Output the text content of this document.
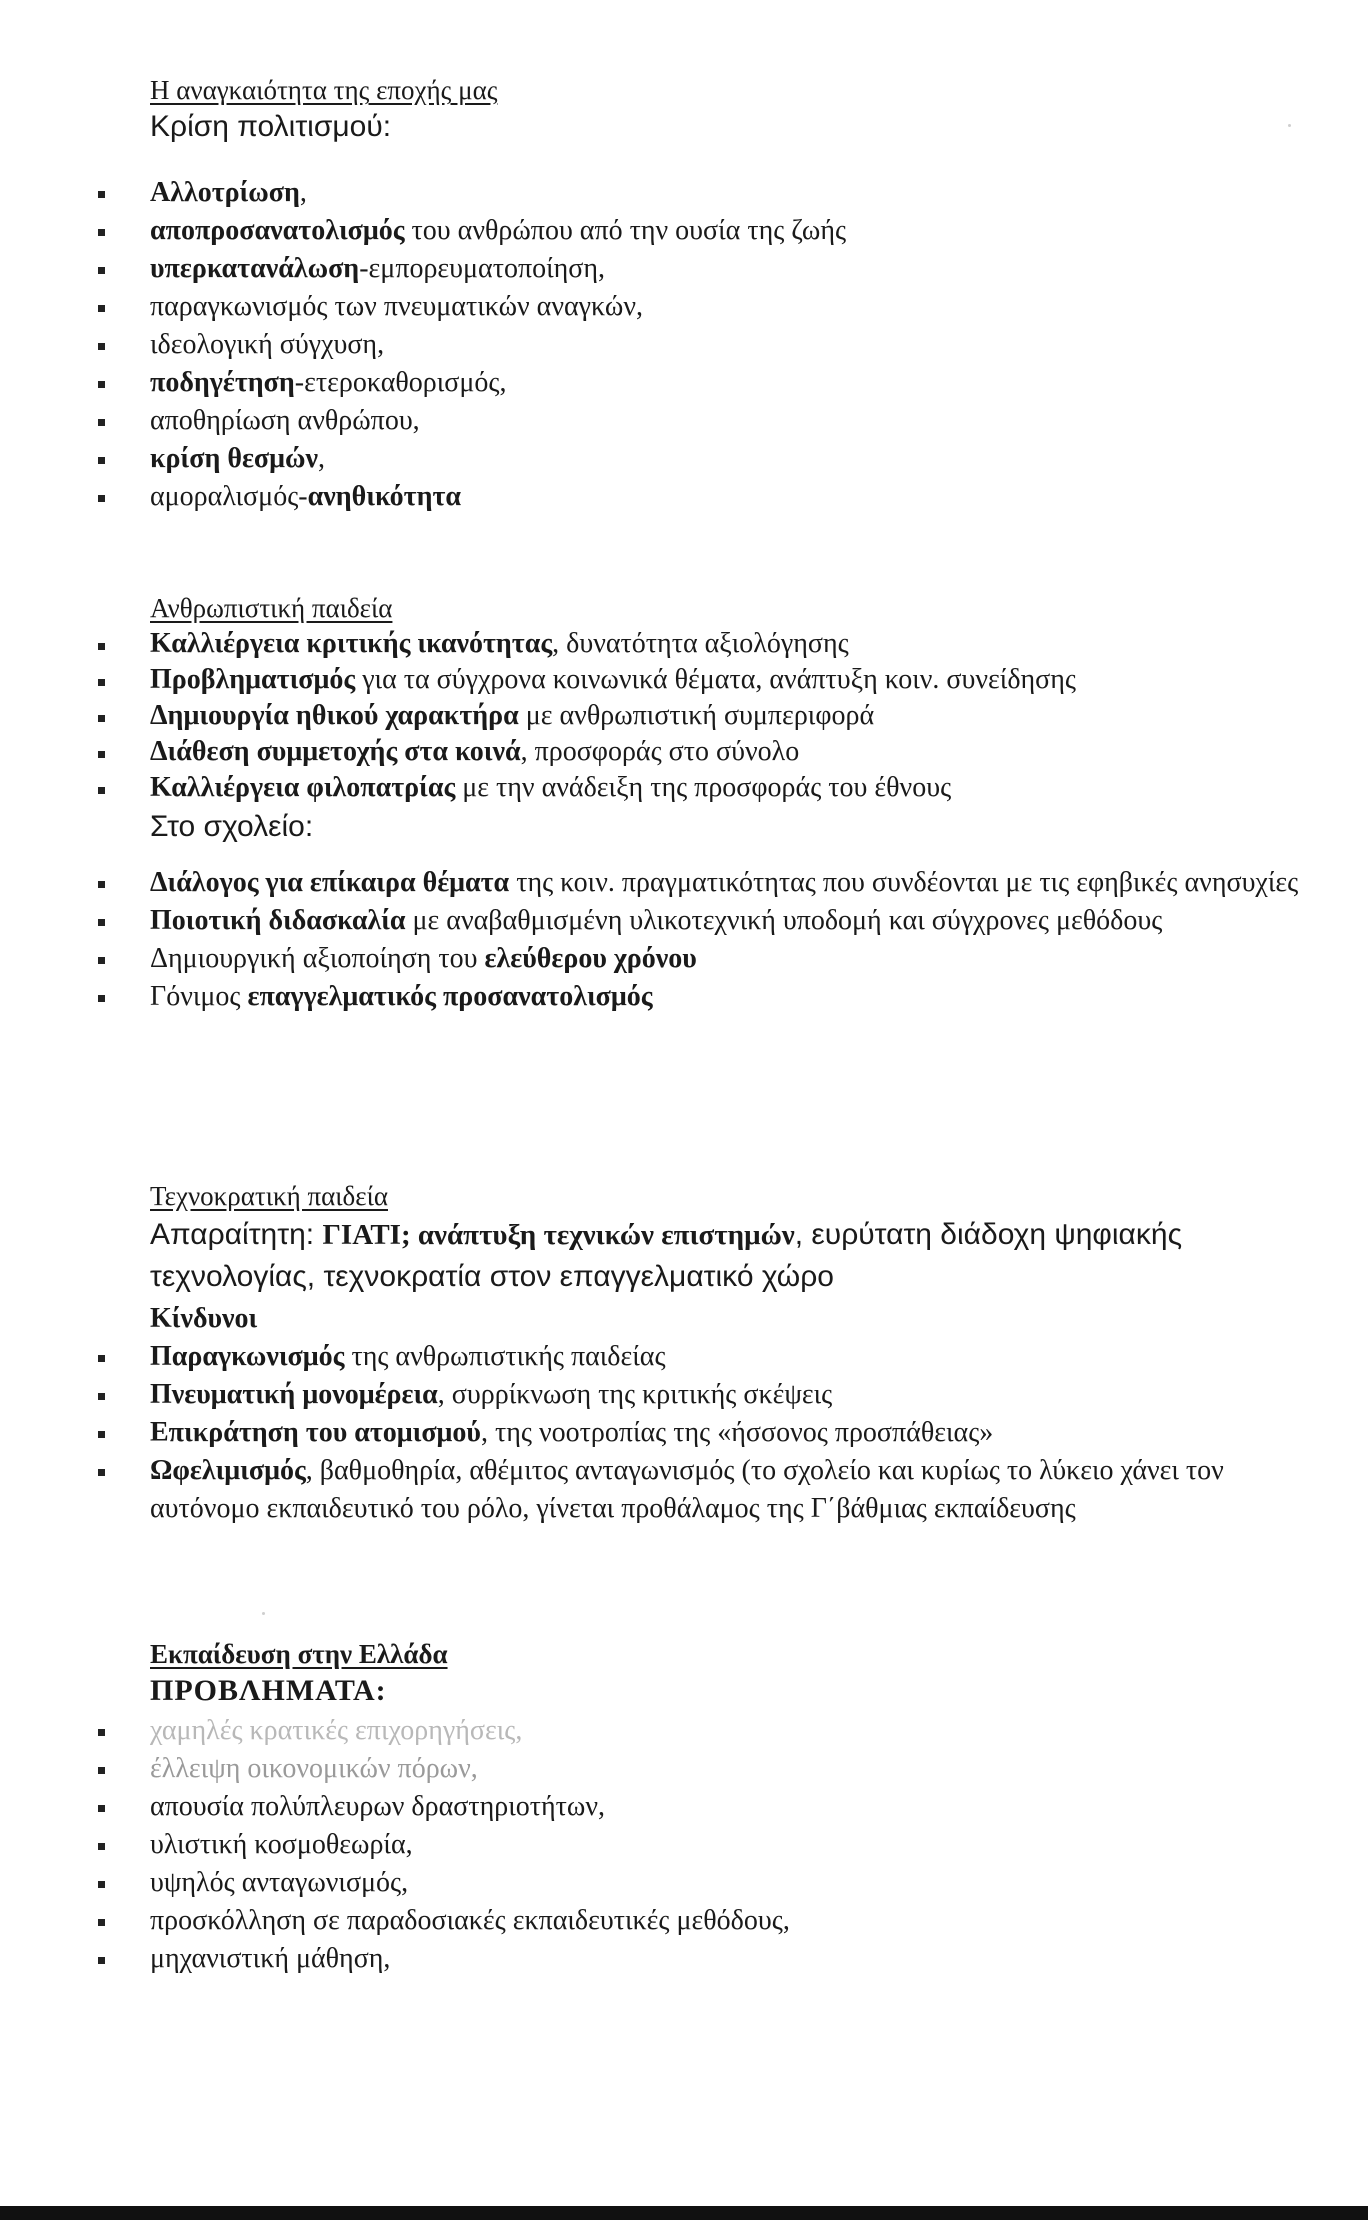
Η αναγκαιότητα της εποχής μας
Κρίση πολιτισμού:
Αλλοτρίωση,
αποπροσανατολισμός του ανθρώπου από την ουσία της ζωής
υπερκατανάλωση-εμπορευματοποίηση,
παραγκωνισμός των πνευματικών αναγκών,
ιδεολογική σύγχυση,
ποδηγέτηση-ετεροκαθορισμός,
αποθηρίωση ανθρώπου,
κρίση θεσμών,
αμοραλισμός-ανηθικότητα
Ανθρωπιστική παιδεία
Καλλιέργεια κριτικής ικανότητας, δυνατότητα αξιολόγησης
Προβληματισμός για τα σύγχρονα κοινωνικά θέματα, ανάπτυξη κοιν. συνείδησης
Δημιουργία ηθικού χαρακτήρα με ανθρωπιστική συμπεριφορά
Διάθεση συμμετοχής στα κοινά, προσφοράς στο σύνολο
Καλλιέργεια φιλοπατρίας με την ανάδειξη της προσφοράς του έθνους
Στο σχολείο:
Διάλογος για επίκαιρα θέματα της κοιν. πραγματικότητας που συνδέονται με τις εφηβικές ανησυχίες
Ποιοτική διδασκαλία με αναβαθμισμένη υλικοτεχνική υποδομή και σύγχρονες μεθόδους
Δημιουργική αξιοποίηση του ελεύθερου χρόνου
Γόνιμος επαγγελματικός προσανατολισμός
Τεχνοκρατική παιδεία
Απαραίτητη: ΓΙΑΤΙ; ανάπτυξη τεχνικών επιστημών, ευρύτατη διάδοχη ψηφιακής τεχνολογίας, τεχνοκρατία στον επαγγελματικό χώρο
Κίνδυνοι
Παραγκωνισμός της ανθρωπιστικής παιδείας
Πνευματική μονομέρεια, συρρίκνωση της κριτικής σκέψεις
Επικράτηση του ατομισμού, της νοοτροπίας της «ήσσονος προσπάθειας»
Ωφελιμισμός, βαθμοθηρία, αθέμιτος ανταγωνισμός (το σχολείο και κυρίως το λύκειο χάνει τον αυτόνομο εκπαιδευτικό του ρόλο, γίνεται προθάλαμος της Γ΄βάθμιας εκπαίδευσης
Εκπαίδευση στην Ελλάδα
ΠΡΟΒΛΗΜΑΤΑ:
χαμηλές κρατικές επιχορηγήσεις,
έλλειψη οικονομικών πόρων,
απουσία πολύπλευρων δραστηριοτήτων,
υλιστική κοσμοθεωρία,
υψηλός ανταγωνισμός,
προσκόλληση σε παραδοσιακές εκπαιδευτικές μεθόδους,
μηχανιστική μάθηση,
